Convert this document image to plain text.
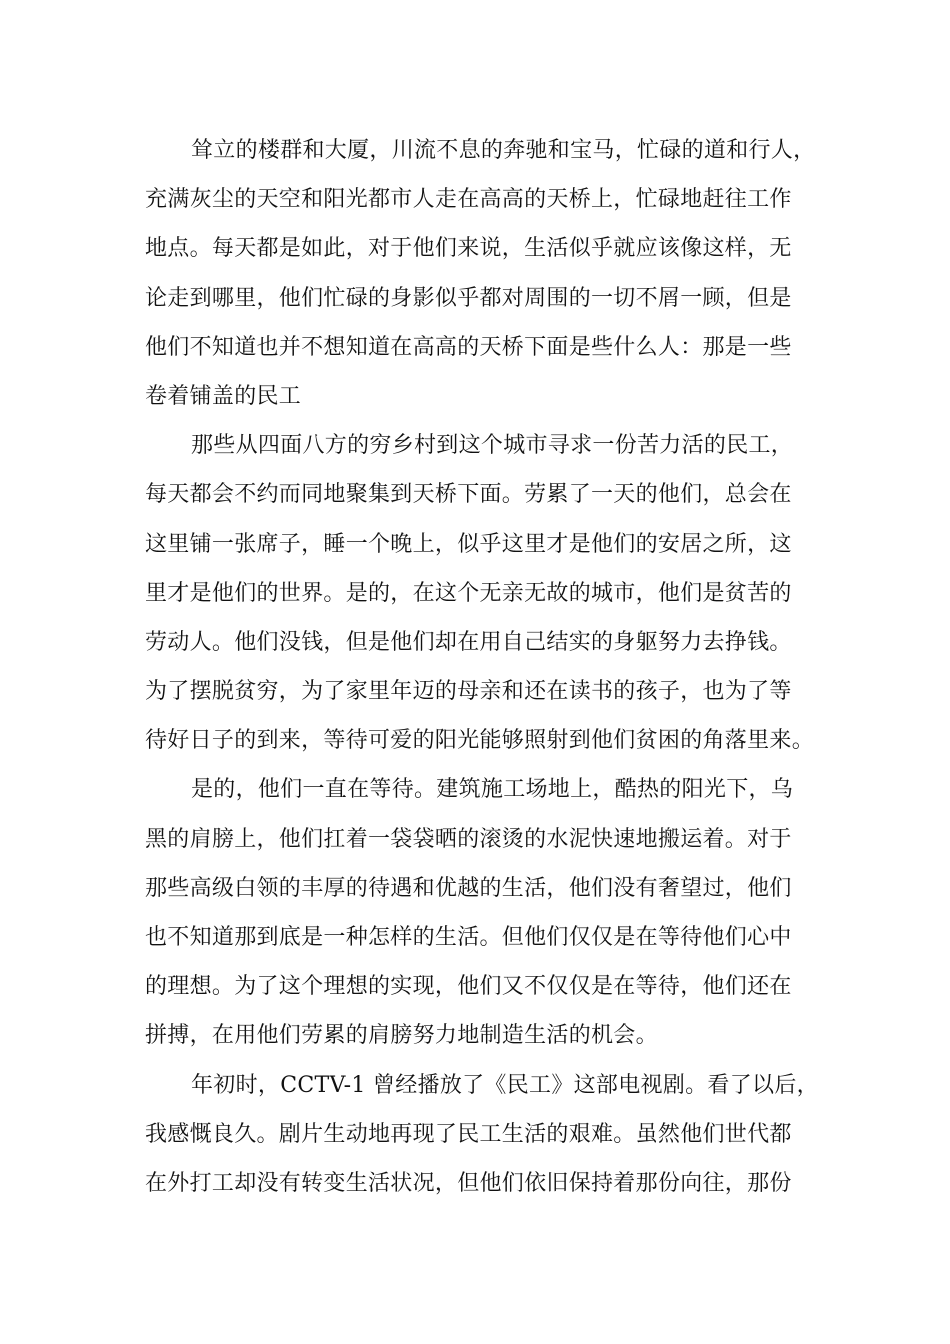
耸立的楼群和大厦，川流不息的奔驰和宝马，忙碌的道和行人，
充满灰尘的天空和阳光都市人走在高高的天桥上，忙碌地赶往工作
地点。每天都是如此，对于他们来说，生活似乎就应该像这样，无
论走到哪里，他们忙碌的身影似乎都对周围的一切不屑一顾，但是
他们不知道也并不想知道在高高的天桥下面是些什么人：那是一些
卷着铺盖的民工
那些从四面八方的穷乡村到这个城市寻求一份苦力活的民工，
每天都会不约而同地聚集到天桥下面。劳累了一天的他们，总会在
这里铺一张席子，睡一个晚上，似乎这里才是他们的安居之所，这
里才是他们的世界。是的，在这个无亲无故的城市，他们是贫苦的
劳动人。他们没钱，但是他们却在用自己结实的身躯努力去挣钱。
为了摆脱贫穷，为了家里年迈的母亲和还在读书的孩子，也为了等
待好日子的到来，等待可爱的阳光能够照射到他们贫困的角落里来。
是的，他们一直在等待。建筑施工场地上，酷热的阳光下，乌
黑的肩膀上，他们扛着一袋袋晒的滚烫的水泥快速地搬运着。对于
那些高级白领的丰厚的待遇和优越的生活，他们没有奢望过，他们
也不知道那到底是一种怎样的生活。但他们仅仅是在等待他们心中
的理想。为了这个理想的实现，他们又不仅仅是在等待，他们还在
拼搏，在用他们劳累的肩膀努力地制造生活的机会。
年初时，CCTV-1 曾经播放了《民工》这部电视剧。看了以后，
我感慨良久。剧片生动地再现了民工生活的艰难。虽然他们世代都
在外打工却没有转变生活状况，但他们依旧保持着那份向往，那份
